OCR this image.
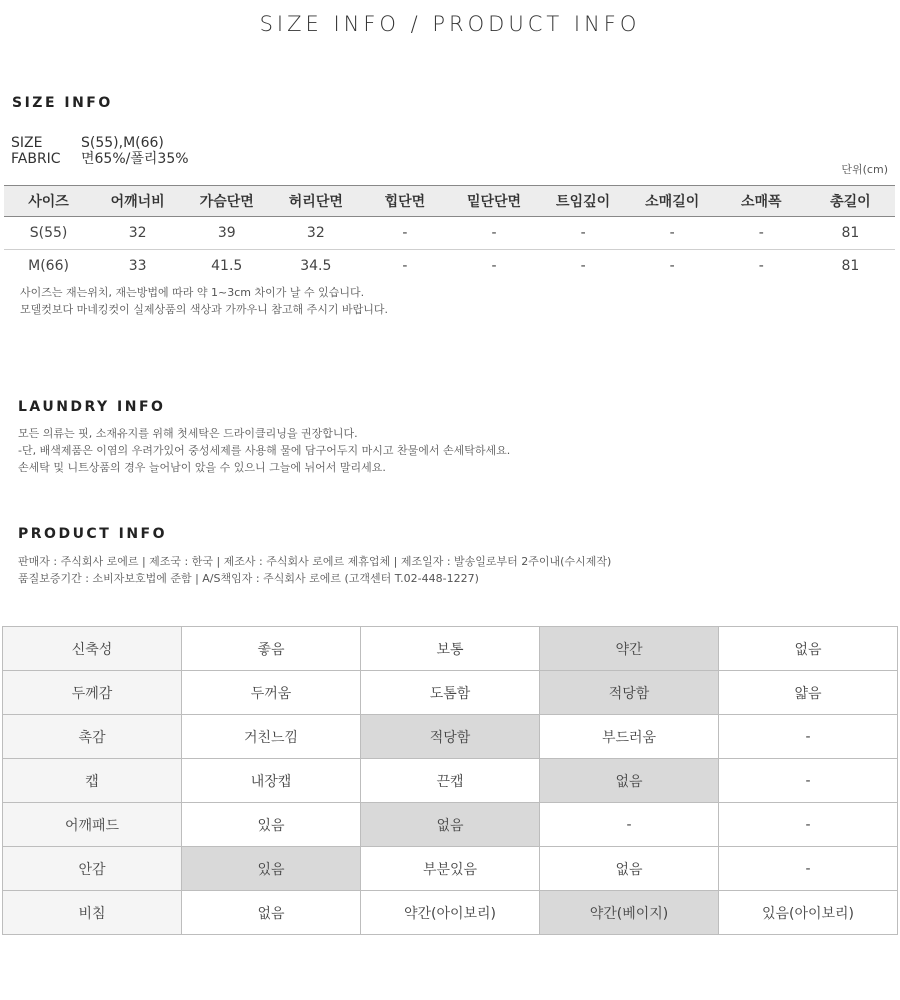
SIZE INFO / PRODUCT INFO
SIZE INFO
SIZE	S(55),M(66)
FABRIC 면65%/폴리35%
단위(cm)
사이즈	어깨너비	가슴단면	허리단면	힙단면	밑단단면	트임깊이	소매길이	소매폭	총길이
S(55)	32	39	32	-	-	-	-	-	81
M(66)	33	41.5	34.5	-	-	-	-	-	81
사이즈는 재는위치, 재는방법에 따라 약 1~3cm 차이가 날 수 있습니다.
모델컷보다 마네킹컷이 실제상품의 색상과 가까우니 참고해 주시기 바랍니다.
LAUNDRY INFO
모든 의류는 핏, 소재유지를 위해 첫세탁은 드라이클리닝을 권장합니다.
-단, 배색제품은 이염의 우려가있어 중성세제를 사용해 물에 담구어두지 마시고 찬물에서 손세탁하세요.
손세탁 및 니트상품의 경우 늘어남이 았을 수 있으니 그늘에 뉘어서 말리세요.
PRODUCT INFO
판매자 : 주식회사 로에르 | 제조국 : 한국 | 제조사 : 주식회사 로에르 제휴업체 | 제조일자 : 발송일로부터 2주이내(수시제작)
품질보증기간 : 소비자보호법에 준함 | A/S책임자 : 주식회사 로에르 (고객센터 T.02-448-1227)
신축성	좋음	보통	약간	없음
두께감	두꺼움	도톰함	적당함	얇음
촉감	거친느낌	적당함	부드러움	-
캡	내장캡	끈캡	없음	-
어깨패드	있음	없음	-	-
안감	있음	부분있음	없음	-
비침	없음	약간(아이보리)	약간(베이지)	있음(아이보리)
